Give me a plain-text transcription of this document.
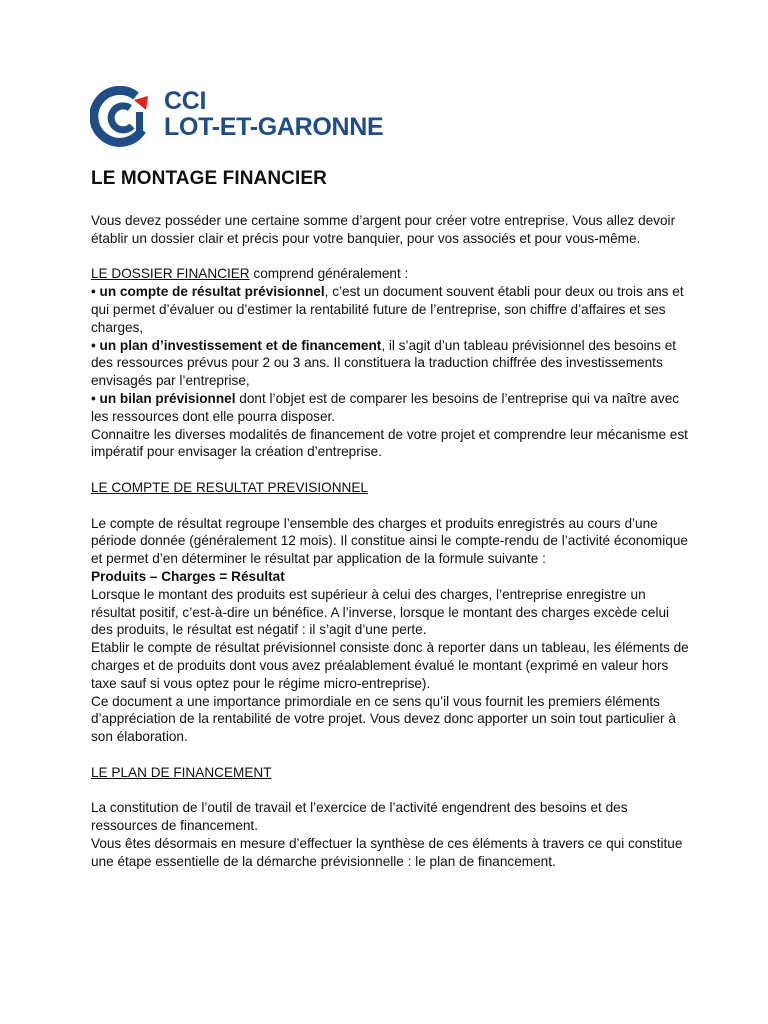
CCI
LOT-ET-GARONNE
LE MONTAGE FINANCIER

Vous devez posséder une certaine somme d’argent pour créer votre entreprise. Vous allez devoir établir un dossier clair et précis pour votre banquier, pour vos associés et pour vous-même.

LE DOSSIER FINANCIER comprend généralement :

• un compte de résultat prévisionnel, c’est un document souvent établi pour deux ou trois ans et qui permet d’évaluer ou d’estimer la rentabilité future de l’entreprise, son chiffre d’affaires et ses charges,

• un plan d’investissement et de financement, il s’agit d’un tableau prévisionnel des besoins et des ressources prévus pour 2 ou 3 ans. Il constituera la traduction chiffrée des investissements envisagés par l’entreprise,

• un bilan prévisionnel dont l’objet est de comparer les besoins de l’entreprise qui va naître avec les ressources dont elle pourra disposer.

Connaitre les diverses modalités de financement de votre projet et comprendre leur mécanisme est impératif pour envisager la création d’entreprise.

LE COMPTE DE RESULTAT PREVISIONNEL

Le compte de résultat regroupe l’ensemble des charges et produits enregistrés au cours d’une période donnée (généralement 12 mois). Il constitue ainsi le compte-rendu de l’activité économique et permet d’en déterminer le résultat par application de la formule suivante :

Produits – Charges = Résultat

Lorsque le montant des produits est supérieur à celui des charges, l’entreprise enregistre un résultat positif, c’est-à-dire un bénéfice. A l’inverse, lorsque le montant des charges excède celui des produits, le résultat est négatif : il s’agit d’une perte.

Etablir le compte de résultat prévisionnel consiste donc à reporter dans un tableau, les éléments de charges et de produits dont vous avez préalablement évalué le montant (exprimé en valeur hors taxe sauf si vous optez pour le régime micro-entreprise).

Ce document a une importance primordiale en ce sens qu’il vous fournit les premiers éléments d’appréciation de la rentabilité de votre projet. Vous devez donc apporter un soin tout particulier à son élaboration.

LE PLAN DE FINANCEMENT

La constitution de l’outil de travail et l’exercice de l’activité engendrent des besoins et des ressources de financement.

Vous êtes désormais en mesure d’effectuer la synthèse de ces éléments à travers ce qui constitue une étape essentielle de la démarche prévisionnelle : le plan de financement.
